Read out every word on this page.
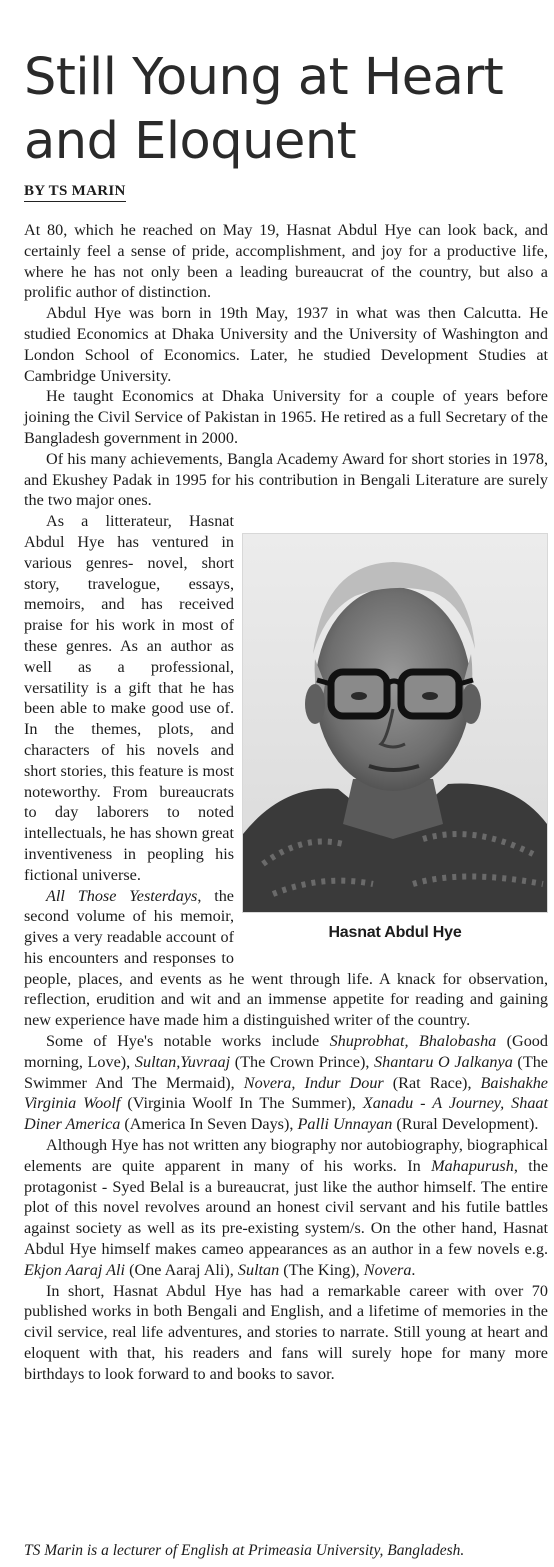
Still Young at Heart
and Eloquent
BY TS MARIN

At 80, which he reached on May 19, Hasnat Abdul Hye can look back, and certainly feel a sense of pride, accomplishment, and joy for a productive life, where he has not only been a leading bureaucrat of the country, but also a prolific author of distinction.

Abdul Hye was born in 19th May, 1937 in what was then Calcutta. He studied Economics at Dhaka University and the University of Washington and London School of Economics. Later, he studied Development Studies at Cambridge University.

He taught Economics at Dhaka University for a couple of years before joining the Civil Service of Pakistan in 1965. He retired as a full Secretary of the Bangladesh government in 2000.

Of his many achievements, Bangla Academy Award for short stories in 1978, and Ekushey Padak in 1995 for his contribution in Bengali Literature are surely the two major ones.

Hasnat Abdul Hye

As a litterateur, Hasnat Abdul Hye has ventured in various genres- novel, short story, travelogue, essays, memoirs, and has received praise for his work in most of these genres. As an author as well as a professional, versatility is a gift that he has been able to make good use of. In the themes, plots, and characters of his novels and short stories, this feature is most noteworthy. From bureaucrats to day laborers to noted intellectuals, he has shown great inventiveness in peopling his fictional universe.

All Those Yesterdays, the second volume of his memoir, gives a very readable account of his encounters and responses to people, places, and events as he went through life. A knack for observation, reflection, erudition and wit and an immense appetite for reading and gaining new experience have made him a distinguished writer of the country.

Some of Hye's notable works include Shuprobhat, Bhalobasha (Good morning, Love), Sultan,Yuvraaj (The Crown Prince), Shantaru O Jalkanya (The Swimmer And The Mermaid), Novera, Indur Dour (Rat Race), Baishakhe Virginia Woolf (Virginia Woolf In The Summer), Xanadu - A Journey, Shaat Diner America (America In Seven Days), Palli Unnayan (Rural Development).

Although Hye has not written any biography nor autobiography, biographical elements are quite apparent in many of his works. In Mahapurush, the protagonist - Syed Belal is a bureaucrat, just like the author himself. The entire plot of this novel revolves around an honest civil servant and his futile battles against society as well as its pre-existing system/s. On the other hand, Hasnat Abdul Hye himself makes cameo appearances as an author in a few novels e.g. Ekjon Aaraj Ali (One Aaraj Ali), Sultan (The King), Novera.

In short, Hasnat Abdul Hye has had a remarkable career with over 70 published works in both Bengali and English, and a lifetime of memories in the civil service, real life adventures, and stories to narrate. Still young at heart and eloquent with that, his readers and fans will surely hope for many more birthdays to look forward to and books to savor.

TS Marin is a lecturer of English at Primeasia University, Bangladesh.
